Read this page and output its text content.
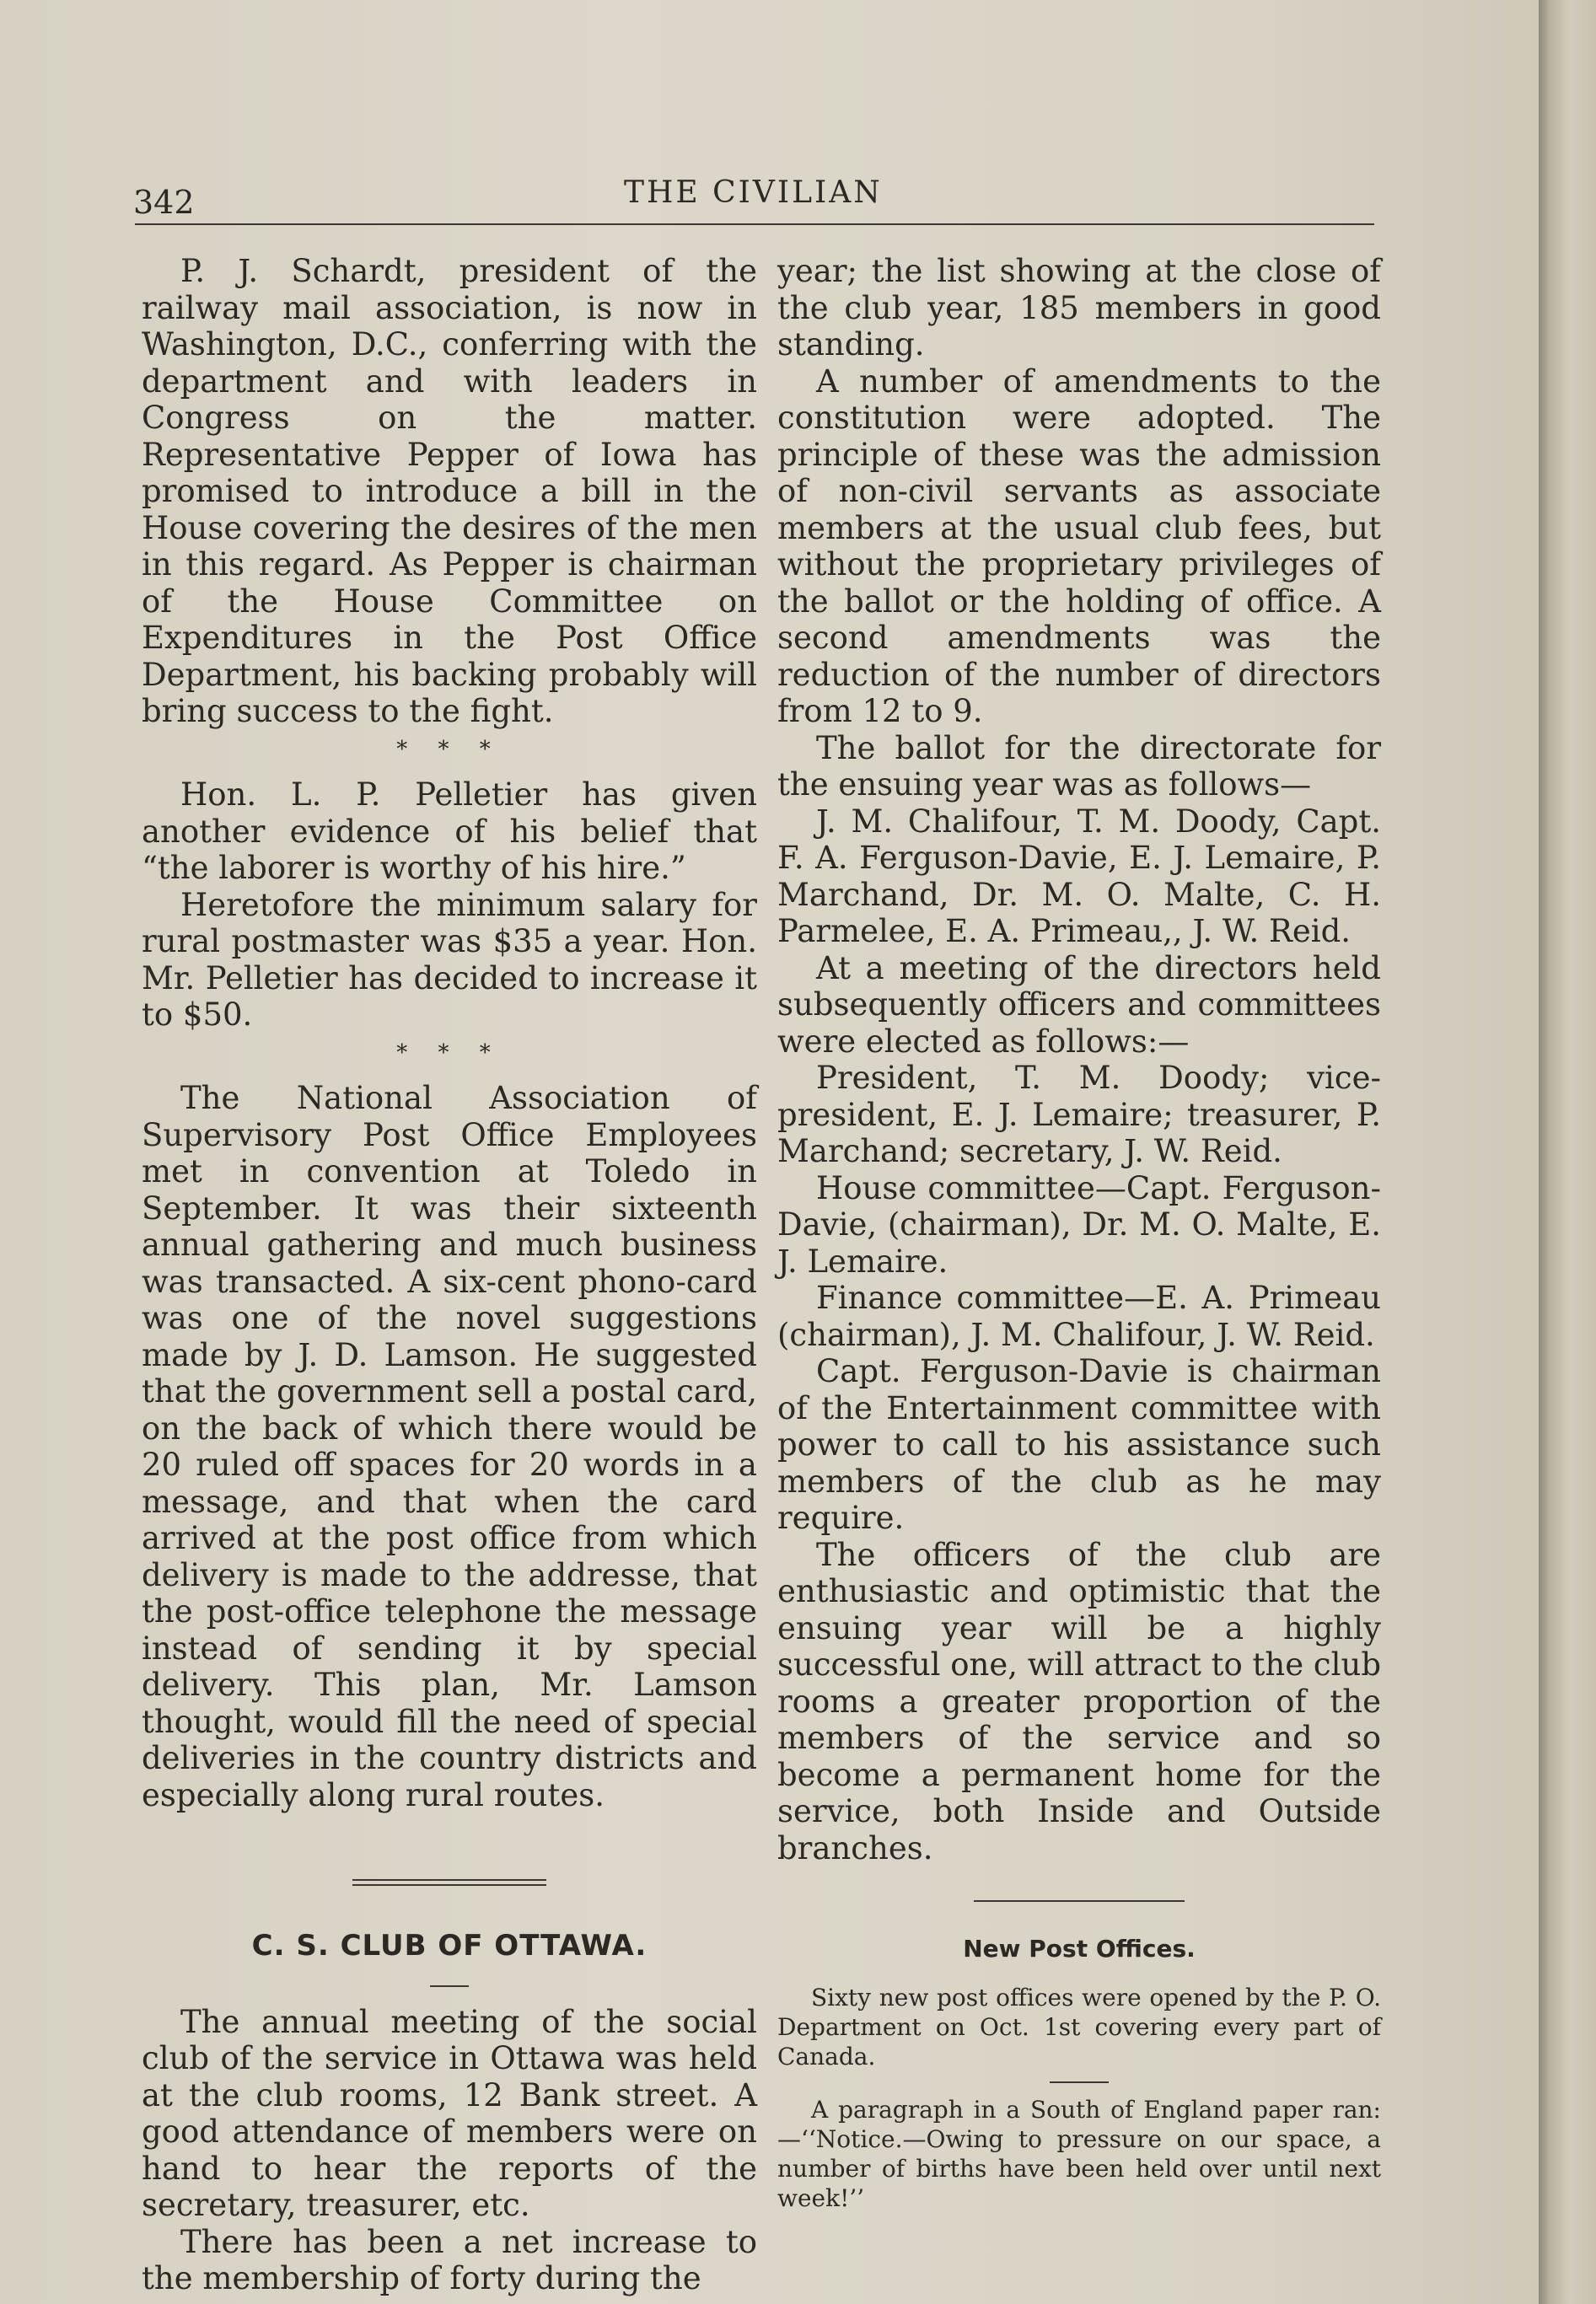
342	THE CIVILIAN

P. J. Schardt, president of the railway mail association, is now in Washington, D.C., conferring with the department and with leaders in Congress on the matter. Representative Pepper of Iowa has promised to introduce a bill in the House covering the desires of the men in this regard. As Pepper is chairman of the House Committee on Expenditures in the Post Office Department, his backing probably will bring success to the fight.

* * *

Hon. L. P. Pelletier has given another evidence of his belief that “the laborer is worthy of his hire.”

Heretofore the minimum salary for rural postmaster was $35 a year. Hon. Mr. Pelletier has decided to increase it to $50.

* * *

The National Association of Supervisory Post Office Employees met in convention at Toledo in September. It was their sixteenth annual gathering and much business was transacted. A six-cent phono-card was one of the novel suggestions made by J. D. Lamson. He suggested that the government sell a postal card, on the back of which there would be 20 ruled off spaces for 20 words in a message, and that when the card arrived at the post office from which delivery is made to the addresse, that the post-office telephone the message instead of sending it by special delivery. This plan, Mr. Lamson thought, would fill the need of special deliveries in the country districts and especially along rural routes.

C. S. CLUB OF OTTAWA.

The annual meeting of the social club of the service in Ottawa was held at the club rooms, 12 Bank street. A good attendance of members were on hand to hear the reports of the secretary, treasurer, etc.

There has been a net increase to the membership of forty during the

year; the list showing at the close of the club year, 185 members in good standing.

A number of amendments to the constitution were adopted. The principle of these was the admission of non-civil servants as associate members at the usual club fees, but without the proprietary privileges of the ballot or the holding of office. A second amendments was the reduction of the number of directors from 12 to 9.

The ballot for the directorate for the ensuing year was as follows—

J. M. Chalifour, T. M. Doody, Capt. F. A. Ferguson-Davie, E. J. Lemaire, P. Marchand, Dr. M. O. Malte, C. H. Parmelee, E. A. Primeau,, J. W. Reid.

At a meeting of the directors held subsequently officers and committees were elected as follows:—

President, T. M. Doody; vice-president, E. J. Lemaire; treasurer, P. Marchand; secretary, J. W. Reid.

House committee—Capt. Ferguson-Davie, (chairman), Dr. M. O. Malte, E. J. Lemaire.

Finance committee—E. A. Primeau (chairman), J. M. Chalifour, J. W. Reid.

Capt. Ferguson-Davie is chairman of the Entertainment committee with power to call to his assistance such members of the club as he may require.

The officers of the club are enthusiastic and optimistic that the ensuing year will be a highly successful one, will attract to the club rooms a greater proportion of the members of the service and so become a permanent home for the service, both Inside and Outside branches.

New Post Offices.

Sixty new post offices were opened by the P. O. Department on Oct. 1st covering every part of Canada.

A paragraph in a South of England paper ran:—‘‘Notice.—Owing to pressure on our space, a number of births have been held over until next week!’’
